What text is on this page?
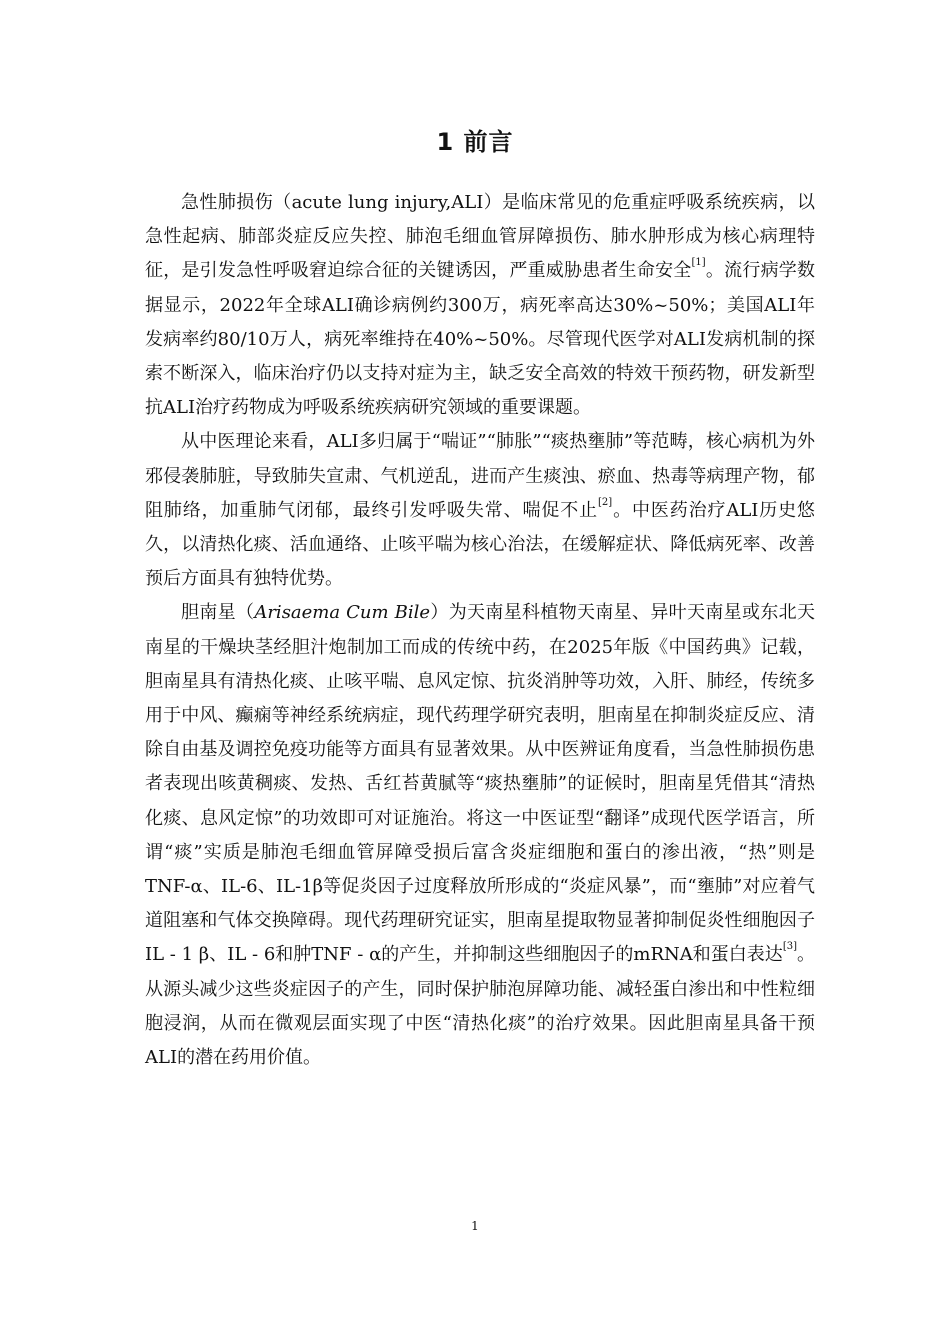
1 前言

急性肺损伤（acute lung injury,ALI）是临床常见的危重症呼吸系统疾病，以急性起病、肺部炎症反应失控、肺泡毛细血管屏障损伤、肺水肿形成为核心病理特征，是引发急性呼吸窘迫综合征的关键诱因，严重威胁患者生命安全[1]。流行病学数据显示，2022年全球ALI确诊病例约300万，病死率高达30%~50%；美国ALI年发病率约80/10万人，病死率维持在40%~50%。尽管现代医学对ALI发病机制的探索不断深入，临床治疗仍以支持对症为主，缺乏安全高效的特效干预药物，研发新型抗ALI治疗药物成为呼吸系统疾病研究领域的重要课题。

从中医理论来看，ALI多归属于“喘证”“肺胀”“痰热壅肺”等范畴，核心病机为外邪侵袭肺脏，导致肺失宣肃、气机逆乱，进而产生痰浊、瘀血、热毒等病理产物，郁阻肺络，加重肺气闭郁，最终引发呼吸失常、喘促不止[2]。中医药治疗ALI历史悠久，以清热化痰、活血通络、止咳平喘为核心治法，在缓解症状、降低病死率、改善预后方面具有独特优势。

胆南星（Arisaema Cum Bile）为天南星科植物天南星、异叶天南星或东北天南星的干燥块茎经胆汁炮制加工而成的传统中药，在2025年版《中国药典》记载，胆南星具有清热化痰、止咳平喘、息风定惊、抗炎消肿等功效，入肝、肺经，传统多用于中风、癫痫等神经系统病症，现代药理学研究表明，胆南星在抑制炎症反应、清除自由基及调控免疫功能等方面具有显著效果。从中医辨证角度看，当急性肺损伤患者表现出咳黄稠痰、发热、舌红苔黄腻等“痰热壅肺”的证候时，胆南星凭借其“清热化痰、息风定惊”的功效即可对证施治。将这一中医证型“翻译”成现代医学语言，所谓“痰”实质是肺泡毛细血管屏障受损后富含炎症细胞和蛋白的渗出液，“热”则是TNF-α、IL-6、IL-1β等促炎因子过度释放所形成的“炎症风暴”，而“壅肺”对应着气道阻塞和气体交换障碍。现代药理研究证实，胆南星提取物显著抑制促炎性细胞因子IL - 1 β、IL - 6和肿TNF - α的产生，并抑制这些细胞因子的mRNA和蛋白表达[3]。从源头减少这些炎症因子的产生，同时保护肺泡屏障功能、减轻蛋白渗出和中性粒细胞浸润，从而在微观层面实现了中医“清热化痰”的治疗效果。因此胆南星具备干预ALI的潜在药用价值。

1
